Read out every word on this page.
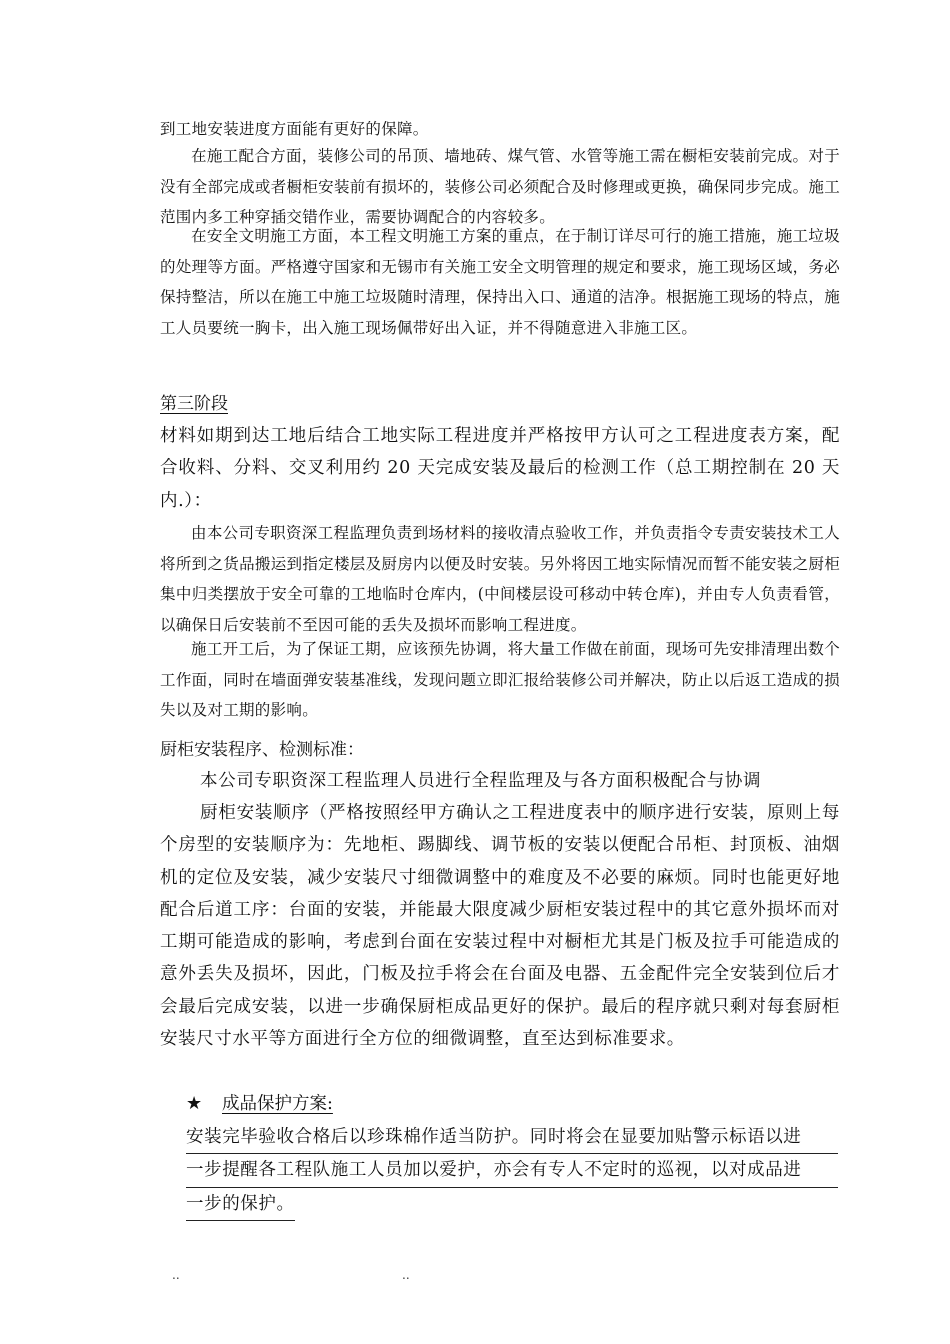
到工地安装进度方面能有更好的保障。

在施工配合方面，装修公司的吊顶、墙地砖、煤气管、水管等施工需在橱柜安装前完成。对于没有全部完成或者橱柜安装前有损坏的，装修公司必须配合及时修理或更换，确保同步完成。施工范围内多工种穿插交错作业，需要协调配合的内容较多。

在安全文明施工方面，本工程文明施工方案的重点，在于制订详尽可行的施工措施，施工垃圾的处理等方面。严格遵守国家和无锡市有关施工安全文明管理的规定和要求，施工现场区域，务必保持整洁，所以在施工中施工垃圾随时清理，保持出入口、通道的洁净。根据施工现场的特点，施工人员要统一胸卡，出入施工现场佩带好出入证，并不得随意进入非施工区。

第三阶段

材料如期到达工地后结合工地实际工程进度并严格按甲方认可之工程进度表方案，配合收料、分料、交叉利用约 20 天完成安装及最后的检测工作（总工期控制在 20 天内.）：

由本公司专职资深工程监理负责到场材料的接收清点验收工作，并负责指令专责安装技术工人将所到之货品搬运到指定楼层及厨房内以便及时安装。另外将因工地实际情况而暂不能安装之厨柜集中归类摆放于安全可靠的工地临时仓库内，(中间楼层设可移动中转仓库)，并由专人负责看管，以确保日后安装前不至因可能的丢失及损坏而影响工程进度。

施工开工后，为了保证工期，应该预先协调，将大量工作做在前面，现场可先安排清理出数个工作面，同时在墙面弹安装基准线，发现问题立即汇报给装修公司并解决，防止以后返工造成的损失以及对工期的影响。

厨柜安装程序、检测标准：

本公司专职资深工程监理人员进行全程监理及与各方面积极配合与协调

厨柜安装顺序（严格按照经甲方确认之工程进度表中的顺序进行安装，原则上每个房型的安装顺序为：先地柜、踢脚线、调节板的安装以便配合吊柜、封顶板、油烟机的定位及安装，减少安装尺寸细微调整中的难度及不必要的麻烦。同时也能更好地配合后道工序：台面的安装，并能最大限度减少厨柜安装过程中的其它意外损坏而对工期可能造成的影响，考虑到台面在安装过程中对橱柜尤其是门板及拉手可能造成的意外丢失及损坏，因此，门板及拉手将会在台面及电器、五金配件完全安装到位后才会最后完成安装，以进一步确保厨柜成品更好的保护。最后的程序就只剩对每套厨柜安装尺寸水平等方面进行全方位的细微调整，直至达到标准要求。

★	成品保护方案:
安装完毕验收合格后以珍珠棉作适当防护。同时将会在显要加贴警示标语以进
一步提醒各工程队施工人员加以爱护，亦会有专人不定时的巡视，以对成品进
一步的保护。
..	..
